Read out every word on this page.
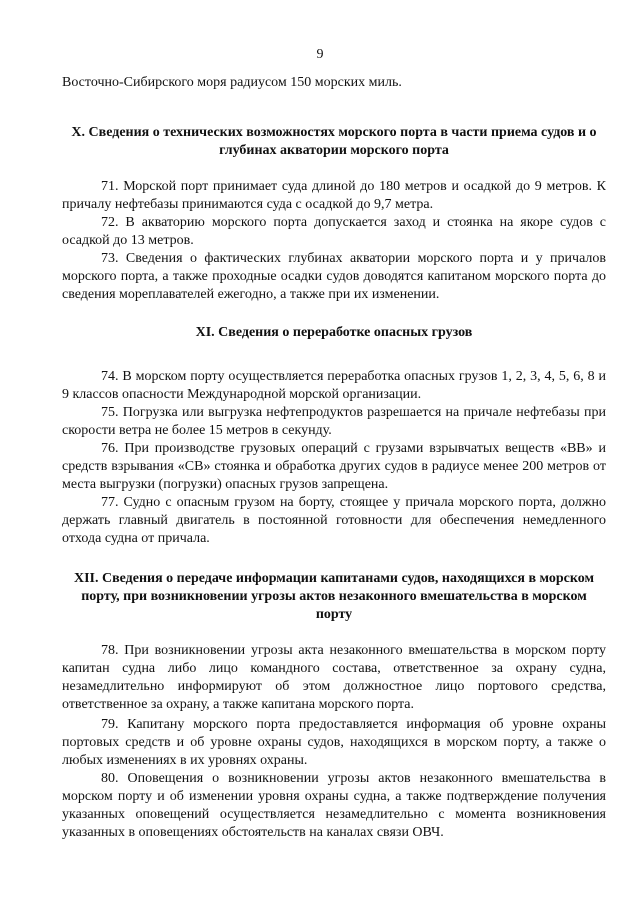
9

Восточно-Сибирского моря радиусом 150 морских миль.

X. Сведения о технических возможностях морского порта в части приема судов и о глубинах акватории морского порта

71. Морской порт принимает суда длиной до 180 метров и осадкой до 9 метров. К причалу нефтебазы принимаются суда с осадкой до 9,7 метра.

72. В акваторию морского порта допускается заход и стоянка на якоре судов с осадкой до 13 метров.

73. Сведения о фактических глубинах акватории морского порта и у причалов морского порта, а также проходные осадки судов доводятся капитаном морского порта до сведения мореплавателей ежегодно, а также при их изменении.

XI. Сведения о переработке опасных грузов

74. В морском порту осуществляется переработка опасных грузов 1, 2, 3, 4, 5, 6, 8 и 9 классов опасности Международной морской организации.

75. Погрузка или выгрузка нефтепродуктов разрешается на причале нефтебазы при скорости ветра не более 15 метров в секунду.

76. При производстве грузовых операций с грузами взрывчатых веществ «ВВ» и средств взрывания «СВ» стоянка и обработка других судов в радиусе менее 200 метров от места выгрузки (погрузки) опасных грузов запрещена.

77. Судно с опасным грузом на борту, стоящее у причала морского порта, должно держать главный двигатель в постоянной готовности для обеспечения немедленного отхода судна от причала.

XII. Сведения о передаче информации капитанами судов, находящихся в морском порту, при возникновении угрозы актов незаконного вмешательства в морском порту

78. При возникновении угрозы акта незаконного вмешательства в морском порту капитан судна либо лицо командного состава, ответственное за охрану судна, незамедлительно информируют об этом должностное лицо портового средства, ответственное за охрану, а также капитана морского порта.

79. Капитану морского порта предоставляется информация об уровне охраны портовых средств и об уровне охраны судов, находящихся в морском порту, а также о любых изменениях в их уровнях охраны.

80. Оповещения о возникновении угрозы актов незаконного вмешательства в морском порту и об изменении уровня охраны судна, а также подтверждение получения указанных оповещений осуществляется незамедлительно с момента возникновения указанных в оповещениях обстоятельств на каналах связи ОВЧ.
